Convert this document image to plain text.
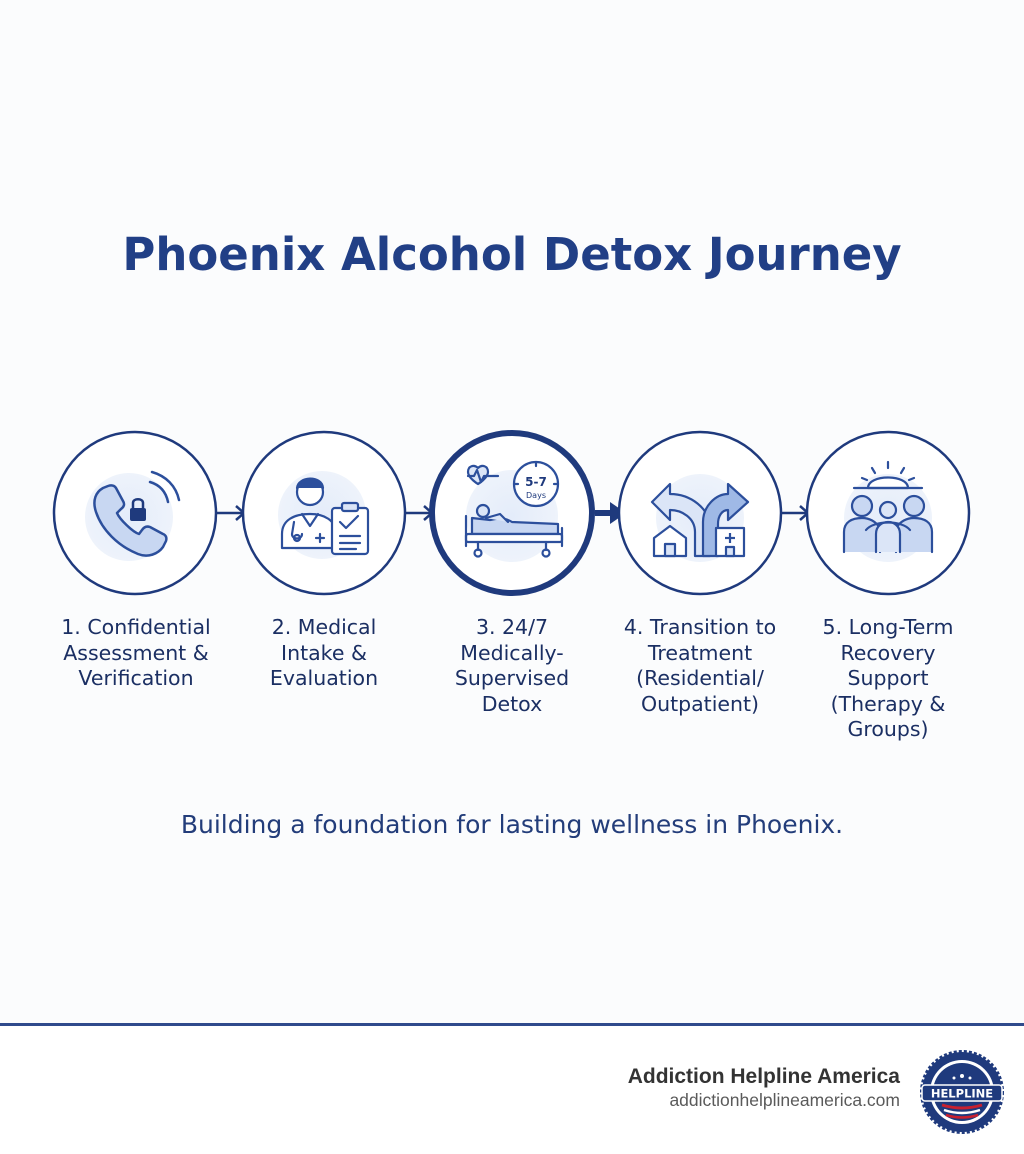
Phoenix Alcohol Detox Journey
5-7
Days
1. Confidential
Assessment &
Verification
2. Medical
Intake &
Evaluation
3. 24/7
Medically-
Supervised
Detox
4. Transition to
Treatment
(Residential/
Outpatient)
5. Long-Term
Recovery
Support
(Therapy &
Groups)

Building a foundation for lasting wellness in Phoenix.

Addiction Helpline America
addictionhelplineamerica.com	HELPLINE
